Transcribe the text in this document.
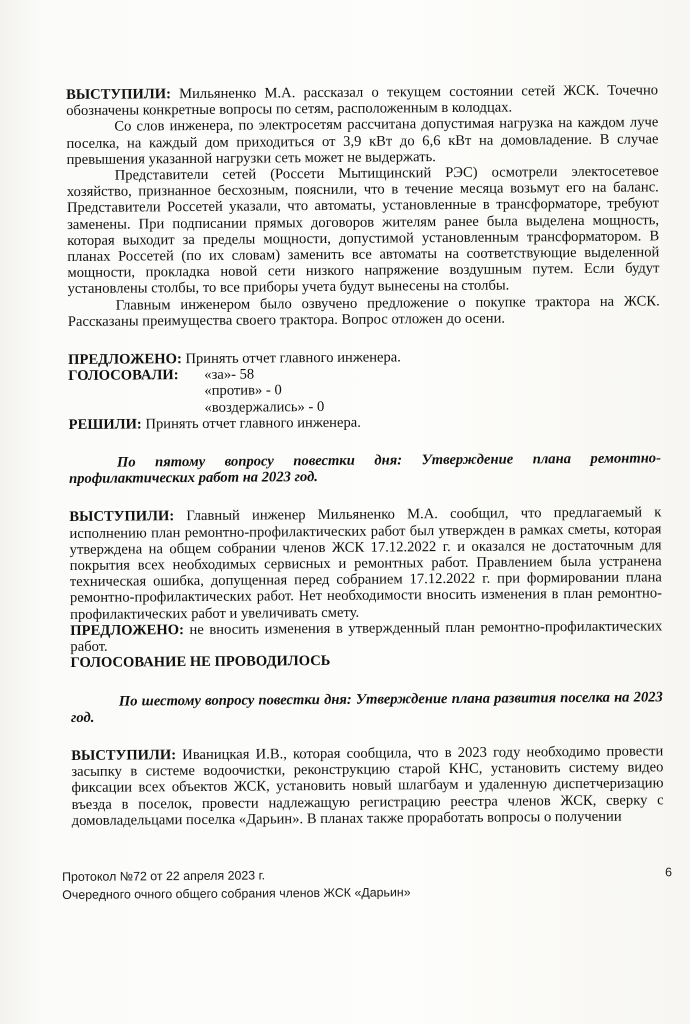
ВЫСТУПИЛИ: Мильяненко М.А. рассказал о текущем состоянии сетей ЖСК. Точечно обозначены конкретные вопросы по сетям, расположенным в колодцах.

Со слов инженера, по электросетям рассчитана допустимая нагрузка на каждом луче поселка, на каждый дом приходиться от 3,9 кВт до 6,6 кВт на домовладение. В случае превышения указанной нагрузки сеть может не выдержать.

Представители сетей (Россети Мытищинский РЭС) осмотрели электосетевое хозяйство, признанное бесхозным, пояснили, что в течение месяца возьмут его на баланс. Представители Россетей указали, что автоматы, установленные в трансформаторе, требуют заменены. При подписании прямых договоров жителям ранее была выделена мощность, которая выходит за пределы мощности, допустимой установленным трансформатором. В планах Россетей (по их словам) заменить все автоматы на соответствующие выделенной мощности, прокладка новой сети низкого напряжение воздушным путем. Если будут установлены столбы, то все приборы учета будут вынесены на столбы.

Главным инженером было озвучено предложение о покупке трактора на ЖСК. Рассказаны преимущества своего трактора. Вопрос отложен до осени.

ПРЕДЛОЖЕНО: Принять отчет главного инженера.

ГОЛОСОВАЛИ:	«за»- 58
«против» - 0
«воздержались» - 0

РЕШИЛИ: Принять отчет главного инженера.

По пятому вопросу повестки дня: Утверждение плана ремонтно-профилактических работ на 2023 год.

ВЫСТУПИЛИ: Главный инженер Мильяненко М.А. сообщил, что предлагаемый к исполнению план ремонтно-профилактических работ был утвержден в рамках сметы, которая утверждена на общем собрании членов ЖСК 17.12.2022 г. и оказался не достаточным для покрытия всех необходимых сервисных и ремонтных работ. Правлением была устранена техническая ошибка, допущенная перед собранием 17.12.2022 г. при формировании плана ремонтно-профилактических работ. Нет необходимости вносить изменения в план ремонтно-профилактических работ и увеличивать смету.

ПРЕДЛОЖЕНО: не вносить изменения в утвержденный план ремонтно-профилактических работ.

ГОЛОСОВАНИЕ НЕ ПРОВОДИЛОСЬ

По шестому вопросу повестки дня: Утверждение плана развития поселка на 2023 год.

ВЫСТУПИЛИ: Иваницкая И.В., которая сообщила, что в 2023 году необходимо провести засыпку в системе водоочистки, реконструкцию старой КНС, установить систему видео фиксации всех объектов ЖСК, установить новый шлагбаум и удаленную диспетчеризацию въезда в поселок, провести надлежащую регистрацию реестра членов ЖСК, сверку с домовладельцами поселка «Дарьин». В планах также проработать вопросы о получении

Протокол №72 от 22 апреля 2023 г.
Очередного очного общего собрания членов ЖСК «Дарьин»
6
